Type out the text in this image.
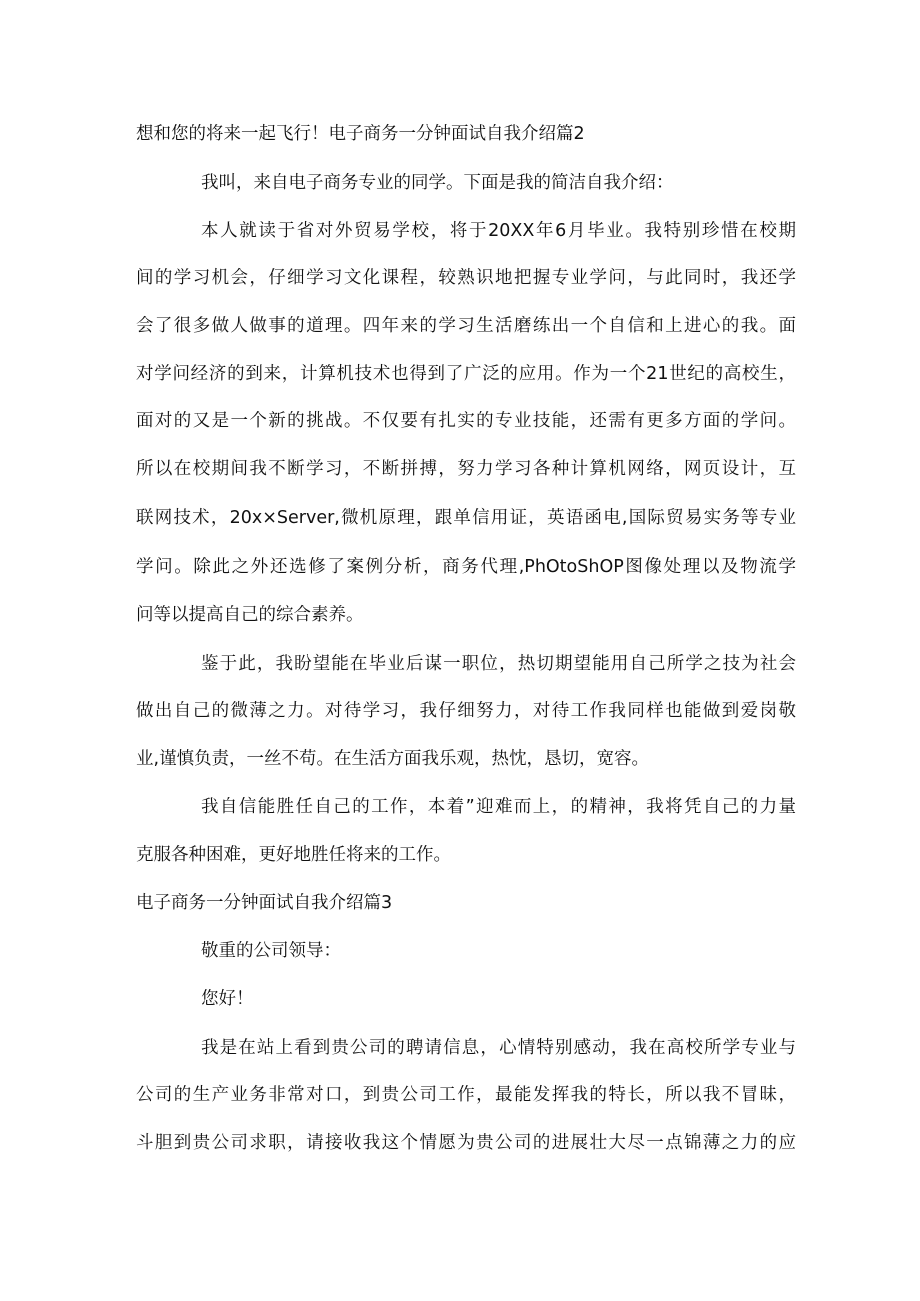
想和您的将来一起飞行！电子商务一分钟面试自我介绍篇2
我叫，来自电子商务专业的同学。下面是我的简洁自我介绍：
本人就读于省对外贸易学校，将于20XX年6月毕业。我特别珍惜在校期
间的学习机会，仔细学习文化课程，较熟识地把握专业学问，与此同时，我还学
会了很多做人做事的道理。四年来的学习生活磨练出一个自信和上进心的我。面
对学问经济的到来，计算机技术也得到了广泛的应用。作为一个21世纪的高校生，
面对的又是一个新的挑战。不仅要有扎实的专业技能，还需有更多方面的学问。
所以在校期间我不断学习，不断拼搏，努力学习各种计算机网络，网页设计，互
联网技术，20x×Server,微机原理，跟单信用证，英语函电,国际贸易实务等专业
学问。除此之外还选修了案例分析，商务代理,PhOtoShOP图像处理以及物流学
问等以提高自己的综合素养。
鉴于此，我盼望能在毕业后谋一职位，热切期望能用自己所学之技为社会
做出自己的微薄之力。对待学习，我仔细努力，对待工作我同样也能做到爱岗敬
业,谨慎负责，一丝不苟。在生活方面我乐观，热忱，恳切，宽容。
我自信能胜任自己的工作，本着”迎难而上，的精神，我将凭自己的力量
克服各种困难，更好地胜任将来的工作。
电子商务一分钟面试自我介绍篇3
敬重的公司领导：
您好！
我是在站上看到贵公司的聘请信息，心情特别感动，我在高校所学专业与
公司的生产业务非常对口，到贵公司工作，最能发挥我的特长，所以我不冒昧，
斗胆到贵公司求职，请接收我这个情愿为贵公司的进展壮大尽一点锦薄之力的应
